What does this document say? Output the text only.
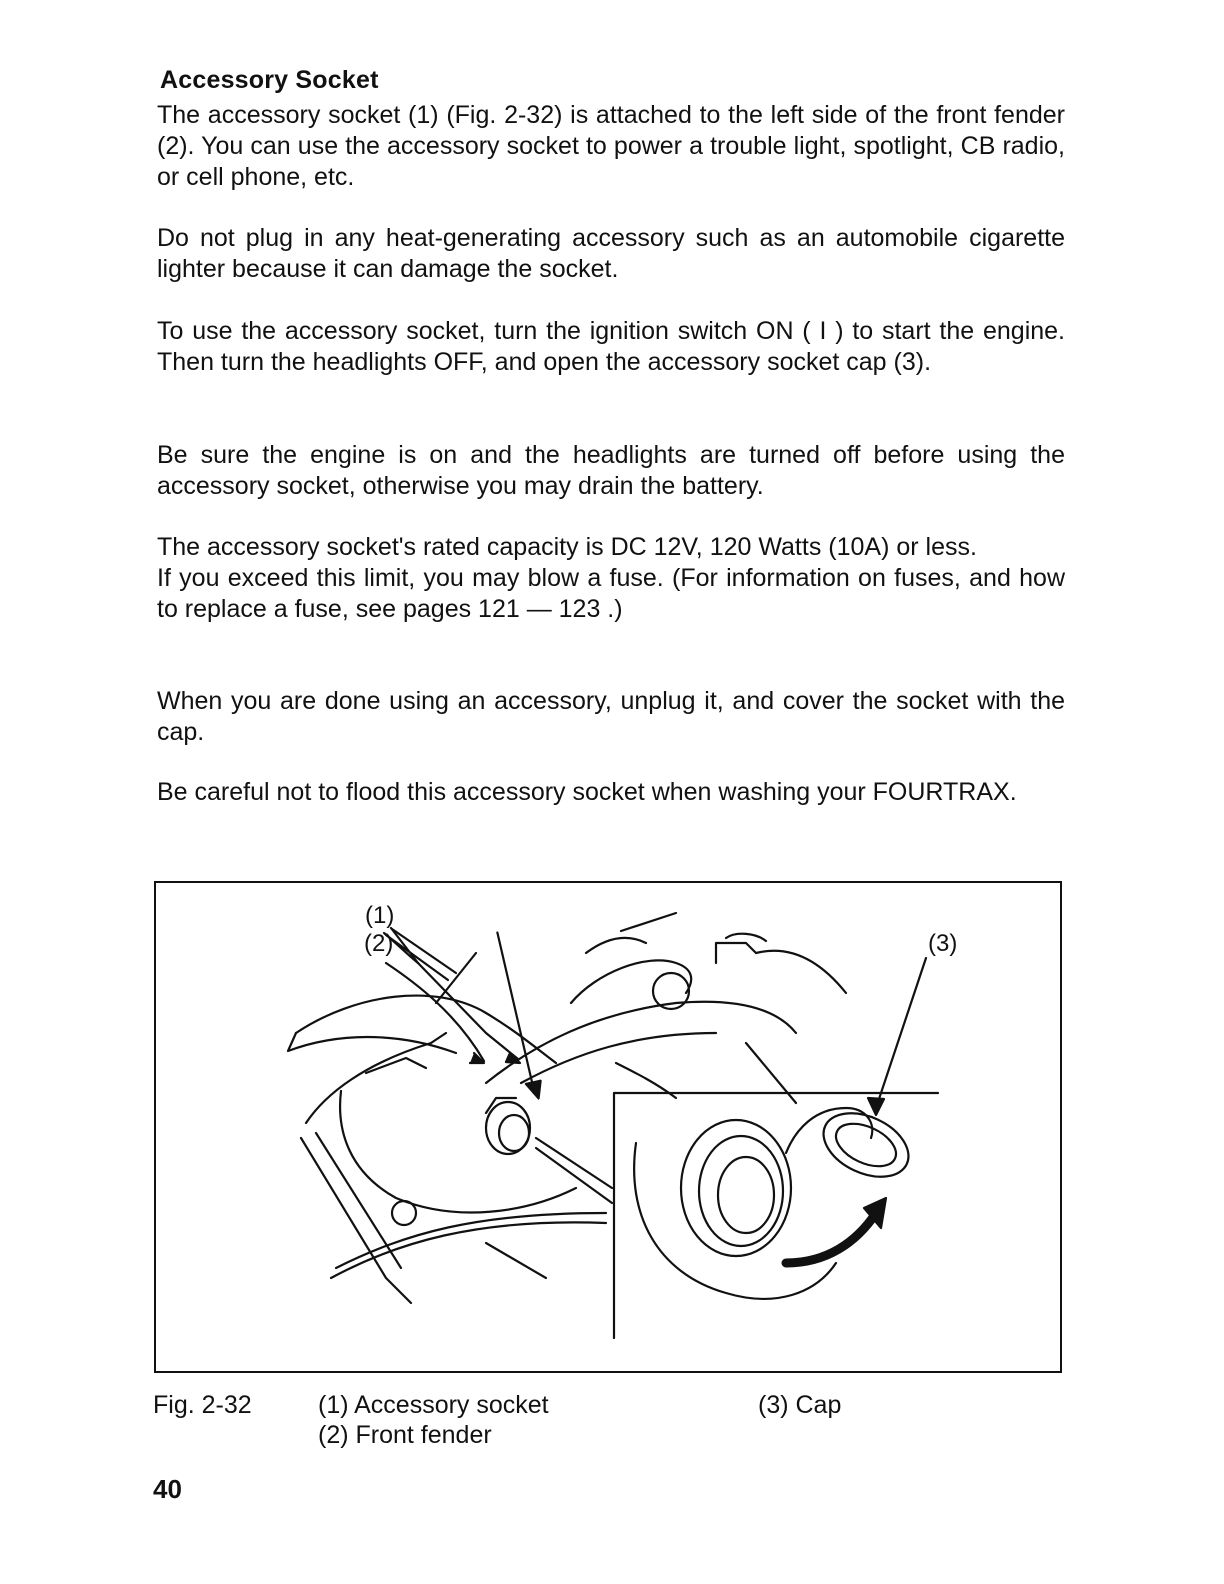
Accessory Socket

The accessory socket (1) (Fig. 2-32) is attached to the left side of the front fender (2). You can use the accessory socket to power a trouble light, spotlight, CB radio, or cell phone, etc.

Do not plug in any heat-generating accessory such as an automobile cigarette lighter because it can damage the socket.

To use the accessory socket, turn the ignition switch ON ( I ) to start the engine. Then turn the headlights OFF, and open the accessory socket cap (3).

Be sure the engine is on and the headlights are turned off before using the accessory socket, otherwise you may drain the battery.

The accessory socket's rated capacity is DC 12V, 120 Watts (10A) or less.

If you exceed this limit, you may blow a fuse. (For information on fuses, and how to replace a fuse, see pages 121 — 123 .)

When you are done using an accessory, unplug it, and cover the socket with the cap.

Be careful not to flood this accessory socket when washing your FOURTRAX.

(2)
(1)
(3)
Fig. 2-32	(1) Accessory socket
(2) Front fender
(3) Cap
40
